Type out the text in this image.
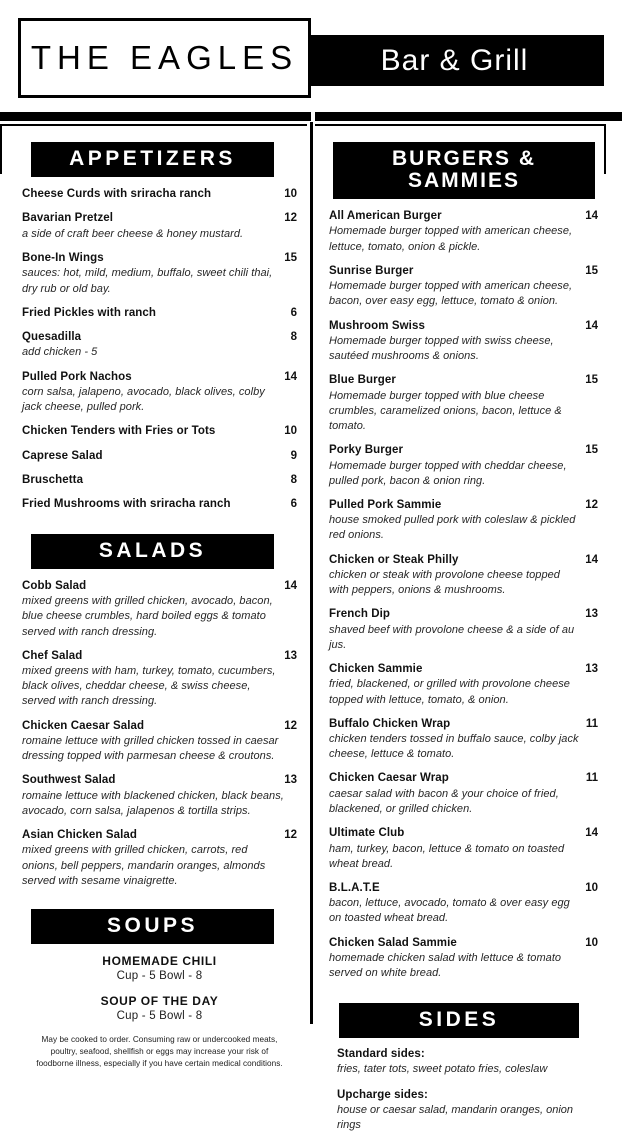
Bar & Grill
THE EAGLES
APPETIZERS
Cheese Curds with sriracha ranch	10
Bavarian Pretzel	12
a side of craft beer cheese & honey mustard.
Bone-In Wings	15
sauces: hot, mild, medium, buffalo, sweet chili thai, dry rub or old bay.
Fried Pickles with ranch	6
Quesadilla	8
add chicken - 5
Pulled Pork Nachos	14
corn salsa, jalapeno, avocado, black olives, colby jack cheese, pulled pork.
Chicken Tenders with Fries or Tots	10
Caprese Salad	9
Bruschetta	8
Fried Mushrooms with sriracha ranch	6
SALADS
Cobb Salad	14
mixed greens with grilled chicken, avocado, bacon, blue cheese crumbles, hard boiled eggs & tomato served with ranch dressing.
Chef Salad	13
mixed greens with ham, turkey, tomato, cucumbers, black olives, cheddar cheese, & swiss cheese, served with ranch dressing.
Chicken Caesar Salad	12
romaine lettuce with grilled chicken tossed in caesar dressing topped with parmesan cheese & croutons.
Southwest Salad	13
romaine lettuce with blackened chicken, black beans, avocado, corn salsa, jalapenos & tortilla strips.
Asian Chicken Salad	12
mixed greens with grilled chicken, carrots, red onions, bell peppers, mandarin oranges, almonds served with sesame vinaigrette.
SOUPS
HOMEMADE CHILI
Cup - 5 Bowl - 8
SOUP OF THE DAY
Cup - 5 Bowl - 8
May be cooked to order. Consuming raw or undercooked meats, poultry, seafood, shellfish or eggs may increase your risk of foodborne illness, especially if you have certain medical conditions.
BURGERS & SAMMIES
All American Burger	14
Homemade burger topped with american cheese, lettuce, tomato, onion & pickle.
Sunrise Burger	15
Homemade burger topped with american cheese, bacon, over easy egg, lettuce, tomato & onion.
Mushroom Swiss	14
Homemade burger topped with swiss cheese, sautéed mushrooms & onions.
Blue Burger	15
Homemade burger topped with blue cheese crumbles, caramelized onions, bacon, lettuce & tomato.
Porky Burger	15
Homemade burger topped with cheddar cheese, pulled pork, bacon & onion ring.
Pulled Pork Sammie	12
house smoked pulled pork with coleslaw & pickled red onions.
Chicken or Steak Philly	14
chicken or steak with provolone cheese topped with peppers, onions & mushrooms.
French Dip	13
shaved beef with provolone cheese & a side of au jus.
Chicken Sammie	13
fried, blackened, or grilled with provolone cheese topped with lettuce, tomato, & onion.
Buffalo Chicken Wrap	11
chicken tenders tossed in buffalo sauce, colby jack cheese, lettuce & tomato.
Chicken Caesar Wrap	11
caesar salad with bacon & your choice of fried, blackened, or grilled chicken.
Ultimate Club	14
ham, turkey, bacon, lettuce & tomato on toasted wheat bread.
B.L.A.T.E	10
bacon, lettuce, avocado, tomato & over easy egg on toasted wheat bread.
Chicken Salad Sammie	10
homemade chicken salad with lettuce & tomato served on white bread.
SIDES
Standard sides:
fries, tater tots, sweet potato fries, coleslaw
Upcharge sides:
house or caesar salad, mandarin oranges, onion rings
